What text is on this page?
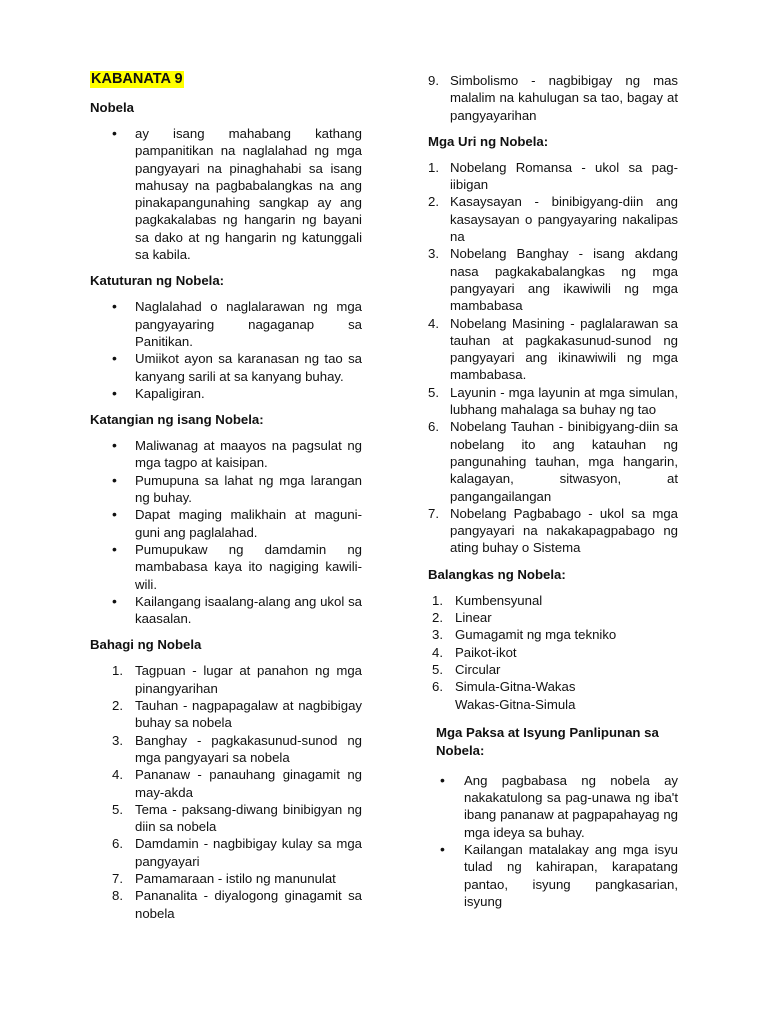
KABANATA 9
Nobela
• ay isang mahabang kathang pampanitikan na naglalahad ng mga pangyayari na pinaghahabi sa isang mahusay na pagbabalangkas na ang pinakapangunahing sangkap ay ang pagkakalabas ng hangarin ng bayani sa dako at ng hangarin ng katunggali sa kabila.
Katuturan ng Nobela:
• Naglalahad o naglalarawan ng mga pangyayaring nagaganap sa Panitikan.
• Umiikot ayon sa karanasan ng tao sa kanyang sarili at sa kanyang buhay.
• Kapaligiran.
Katangian ng isang Nobela:
• Maliwanag at maayos na pagsulat ng mga tagpo at kaisipan.
• Pumupuna sa lahat ng mga larangan ng buhay.
• Dapat maging malikhain at maguni-guni ang paglalahad.
• Pumupukaw ng damdamin ng mambabasa kaya ito nagiging kawili-wili.
• Kailangang isaalang-alang ang ukol sa kaasalan.
Bahagi ng Nobela
1. Tagpuan - lugar at panahon ng mga pinangyarihan
2. Tauhan - nagpapagalaw at nagbibigay buhay sa nobela
3. Banghay - pagkakasunud-sunod ng mga pangyayari sa nobela
4. Pananaw - panauhang ginagamit ng may-akda
5. Tema - paksang-diwang binibigyan ng diin sa nobela
6. Damdamin - nagbibigay kulay sa mga pangyayari
7. Pamamaraan - istilo ng manunulat
8. Pananalita - diyalogong ginagamit sa nobela
9. Simbolismo - nagbibigay ng mas malalim na kahulugan sa tao, bagay at pangyayarihan
Mga Uri ng Nobela:
1. Nobelang Romansa - ukol sa pag-iibigan
2. Kasaysayan - binibigyang-diin ang kasaysayan o pangyayaring nakalipas na
3. Nobelang Banghay - isang akdang nasa pagkakabalangkas ng mga pangyayari ang ikawiwili ng mga mambabasa
4. Nobelang Masining - paglalarawan sa tauhan at pagkakasunud-sunod ng pangyayari ang ikinawiwili ng mga mambabasa.
5. Layunin - mga layunin at mga simulan, lubhang mahalaga sa buhay ng tao
6. Nobelang Tauhan - binibigyang-diin sa nobelang ito ang katauhan ng pangunahing tauhan, mga hangarin, kalagayan, sitwasyon, at pangangailangan
7. Nobelang Pagbabago - ukol sa mga pangyayari na nakakapagpabago ng ating buhay o Sistema
Balangkas ng Nobela:
1. Kumbensyunal
2. Linear
3. Gumagamit ng mga tekniko
4. Paikot-ikot
5. Circular
6. Simula-Gitna-Wakas Wakas-Gitna-Simula
Mga Paksa at Isyung Panlipunan sa Nobela:
• Ang pagbabasa ng nobela ay nakakatulong sa pag-unawa ng iba't ibang pananaw at pagpapahayag ng mga ideya sa buhay.
• Kailangan matalakay ang mga isyu tulad ng kahirapan, karapatang pantao, isyung pangkasarian, isyung
